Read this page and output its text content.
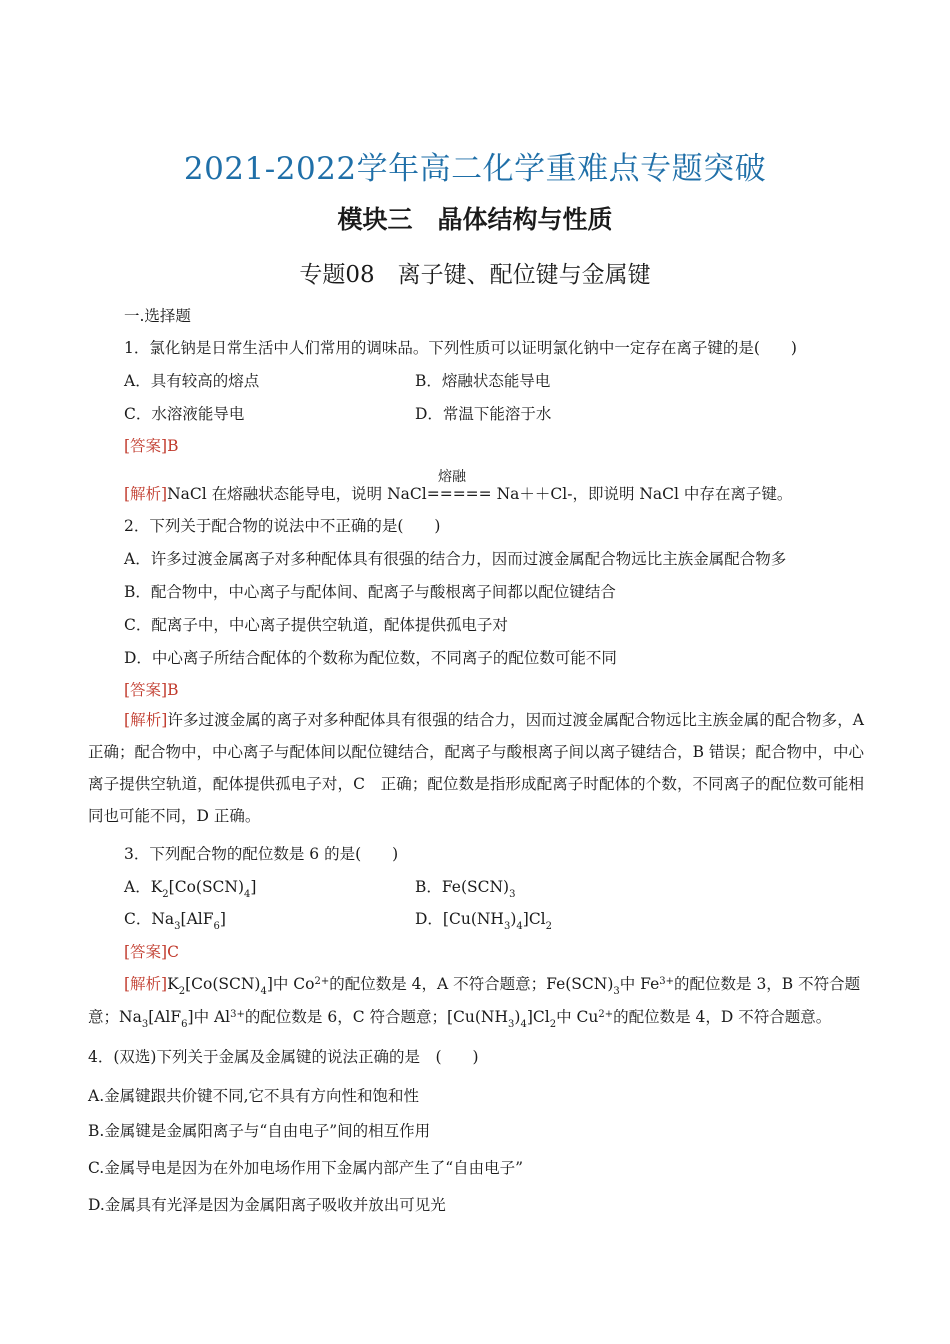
2021-2022学年高二化学重难点专题突破
模块三　晶体结构与性质
专题08　离子键、配位键与金属键
一.选择题
1．氯化钠是日常生活中人们常用的调味品。下列性质可以证明氯化钠中一定存在离子键的是(　　)
A．具有较高的熔点	B．熔融状态能导电
C．水溶液能导电	D．常温下能溶于水
[答案]B
熔融
[解析]NaCl 在熔融状态能导电，说明 NaCl===== Na＋＋Cl-，即说明 NaCl 中存在离子键。
2．下列关于配合物的说法中不正确的是(　　)
A．许多过渡金属离子对多种配体具有很强的结合力，因而过渡金属配合物远比主族金属配合物多
B．配合物中，中心离子与配体间、配离子与酸根离子间都以配位键结合
C．配离子中，中心离子提供空轨道，配体提供孤电子对
D．中心离子所结合配体的个数称为配位数，不同离子的配位数可能不同
[答案]B
[解析]许多过渡金属的离子对多种配体具有很强的结合力，因而过渡金属配合物远比主族金属的配合物多，A 正确；配合物中，中心离子与配体间以配位键结合，配离子与酸根离子间以离子键结合，B 错误；配合物中，中心离子提供空轨道，配体提供孤电子对，C　正确；配位数是指形成配离子时配体的个数，不同离子的配位数可能相同也可能不同，D 正确。
3．下列配合物的配位数是 6 的是(　　)
A．$K_2[Co(SCN)_4]$	B．$Fe(SCN)_3$
C．$Na_3[AlF_6]$	D．$[Cu(NH_3)_4]Cl_2$
[答案]C
[解析]$K_2[Co(SCN)_4]$中 $Co^{2+}$的配位数是 4，A 不符合题意；$Fe(SCN)_3$中 $Fe^{3+}$的配位数是 3，B 不符合题
意；$Na_3[AlF_6]$中 $Al^{3+}$的配位数是 6，C 符合题意；$[Cu(NH_3)_4]Cl_2$中 $Cu^{2+}$的配位数是 4，D 不符合题意。
4．(双选)下列关于金属及金属键的说法正确的是　(　　)
A.金属键跟共价键不同,它不具有方向性和饱和性
B.金属键是金属阳离子与“自由电子”间的相互作用
C.金属导电是因为在外加电场作用下金属内部产生了“自由电子”
D.金属具有光泽是因为金属阳离子吸收并放出可见光
